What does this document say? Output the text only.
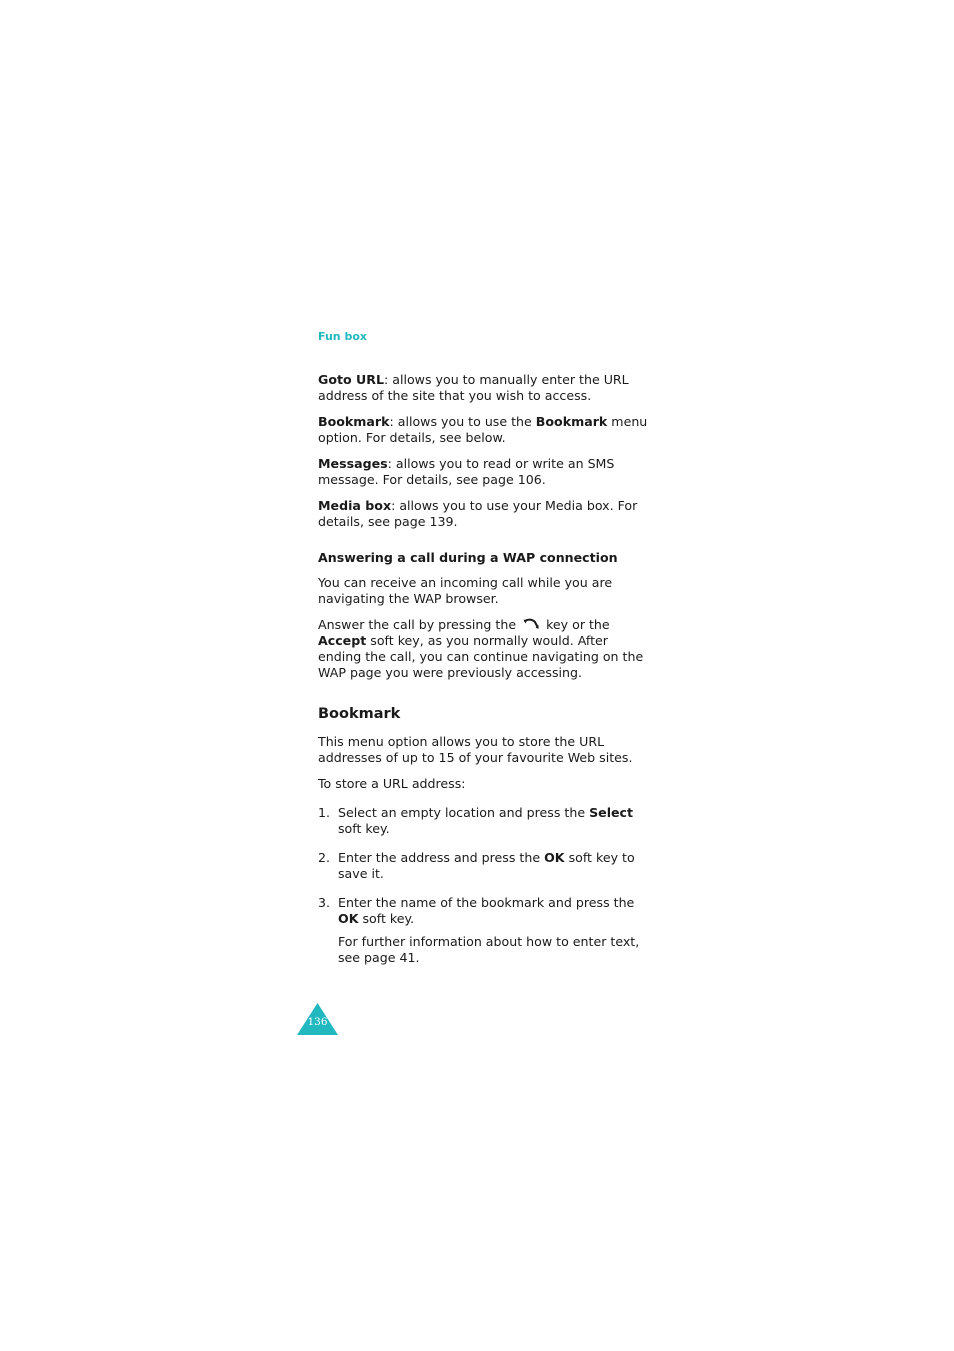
Fun box

Goto URL: allows you to manually enter the URL address of the site that you wish to access.

Bookmark: allows you to use the Bookmark menu option. For details, see below.

Messages: allows you to read or write an SMS message. For details, see page 106.

Media box: allows you to use your Media box. For details, see page 139.

Answering a call during a WAP connection

You can receive an incoming call while you are navigating the WAP browser.

Answer the call by pressing the key or the Accept soft key, as you normally would. After ending the call, you can continue navigating on the WAP page you were previously accessing.

Bookmark

This menu option allows you to store the URL addresses of up to 15 of your favourite Web sites.

To store a URL address:

1. Select an empty location and press the Select soft key.
2. Enter the address and press the OK soft key to save it.
3. Enter the name of the bookmark and press the OK soft key.

For further information about how to enter text, see page 41.

136
